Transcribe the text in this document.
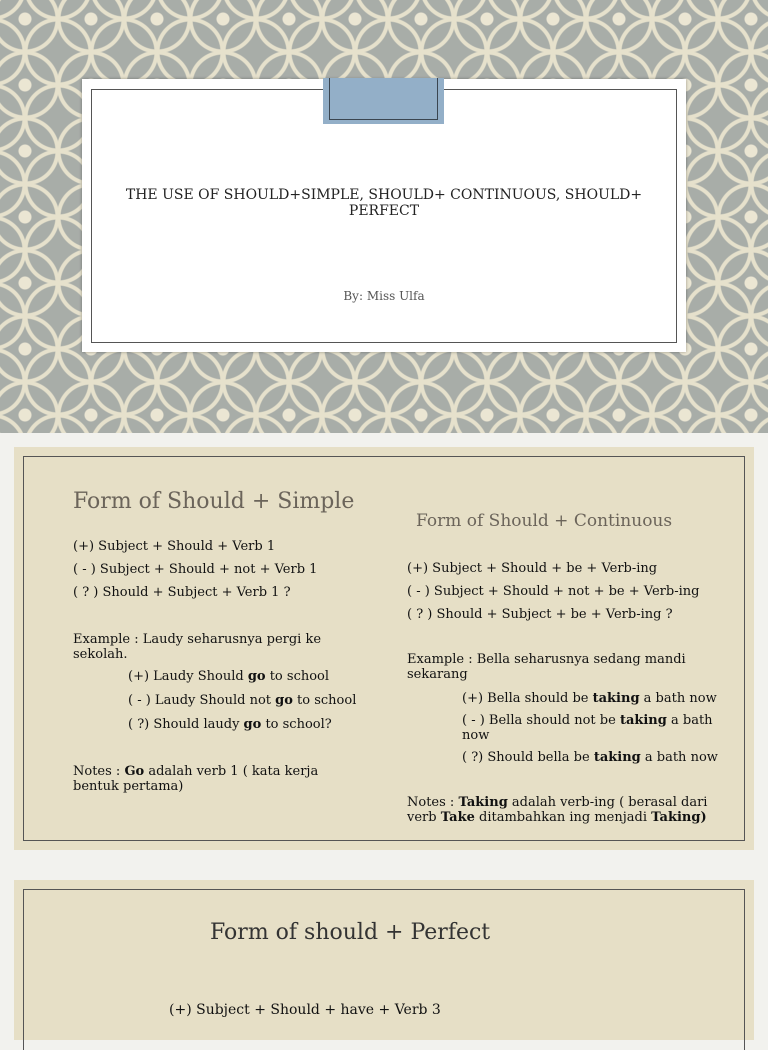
THE USE OF SHOULD+SIMPLE, SHOULD+ CONTINUOUS, SHOULD+ PERFECT
By: Miss Ulfa
Form of Should + Simple
Form of Should + Continuous

(+) Subject + Should + Verb 1

( - ) Subject + Should + not + Verb 1

( ? ) Should + Subject + Verb 1 ?

Example : Laudy seharusnya pergi ke sekolah.

(+) Laudy Should go to school

( - ) Laudy Should not go to school

( ?) Should laudy go to school?

Notes : Go adalah verb 1 ( kata kerja bentuk pertama)

(+) Subject + Should + be + Verb-ing

( - ) Subject + Should + not + be + Verb-ing

( ? ) Should + Subject + be + Verb-ing ?

Example : Bella seharusnya sedang mandi sekarang

(+) Bella should be taking a bath now

( - ) Bella should not be taking a bath now

( ?) Should bella be taking a bath now

Notes : Taking adalah verb-ing ( berasal dari verb Take ditambahkan ing menjadi Taking)

Form of should + Perfect
(+) Subject + Should + have + Verb 3
